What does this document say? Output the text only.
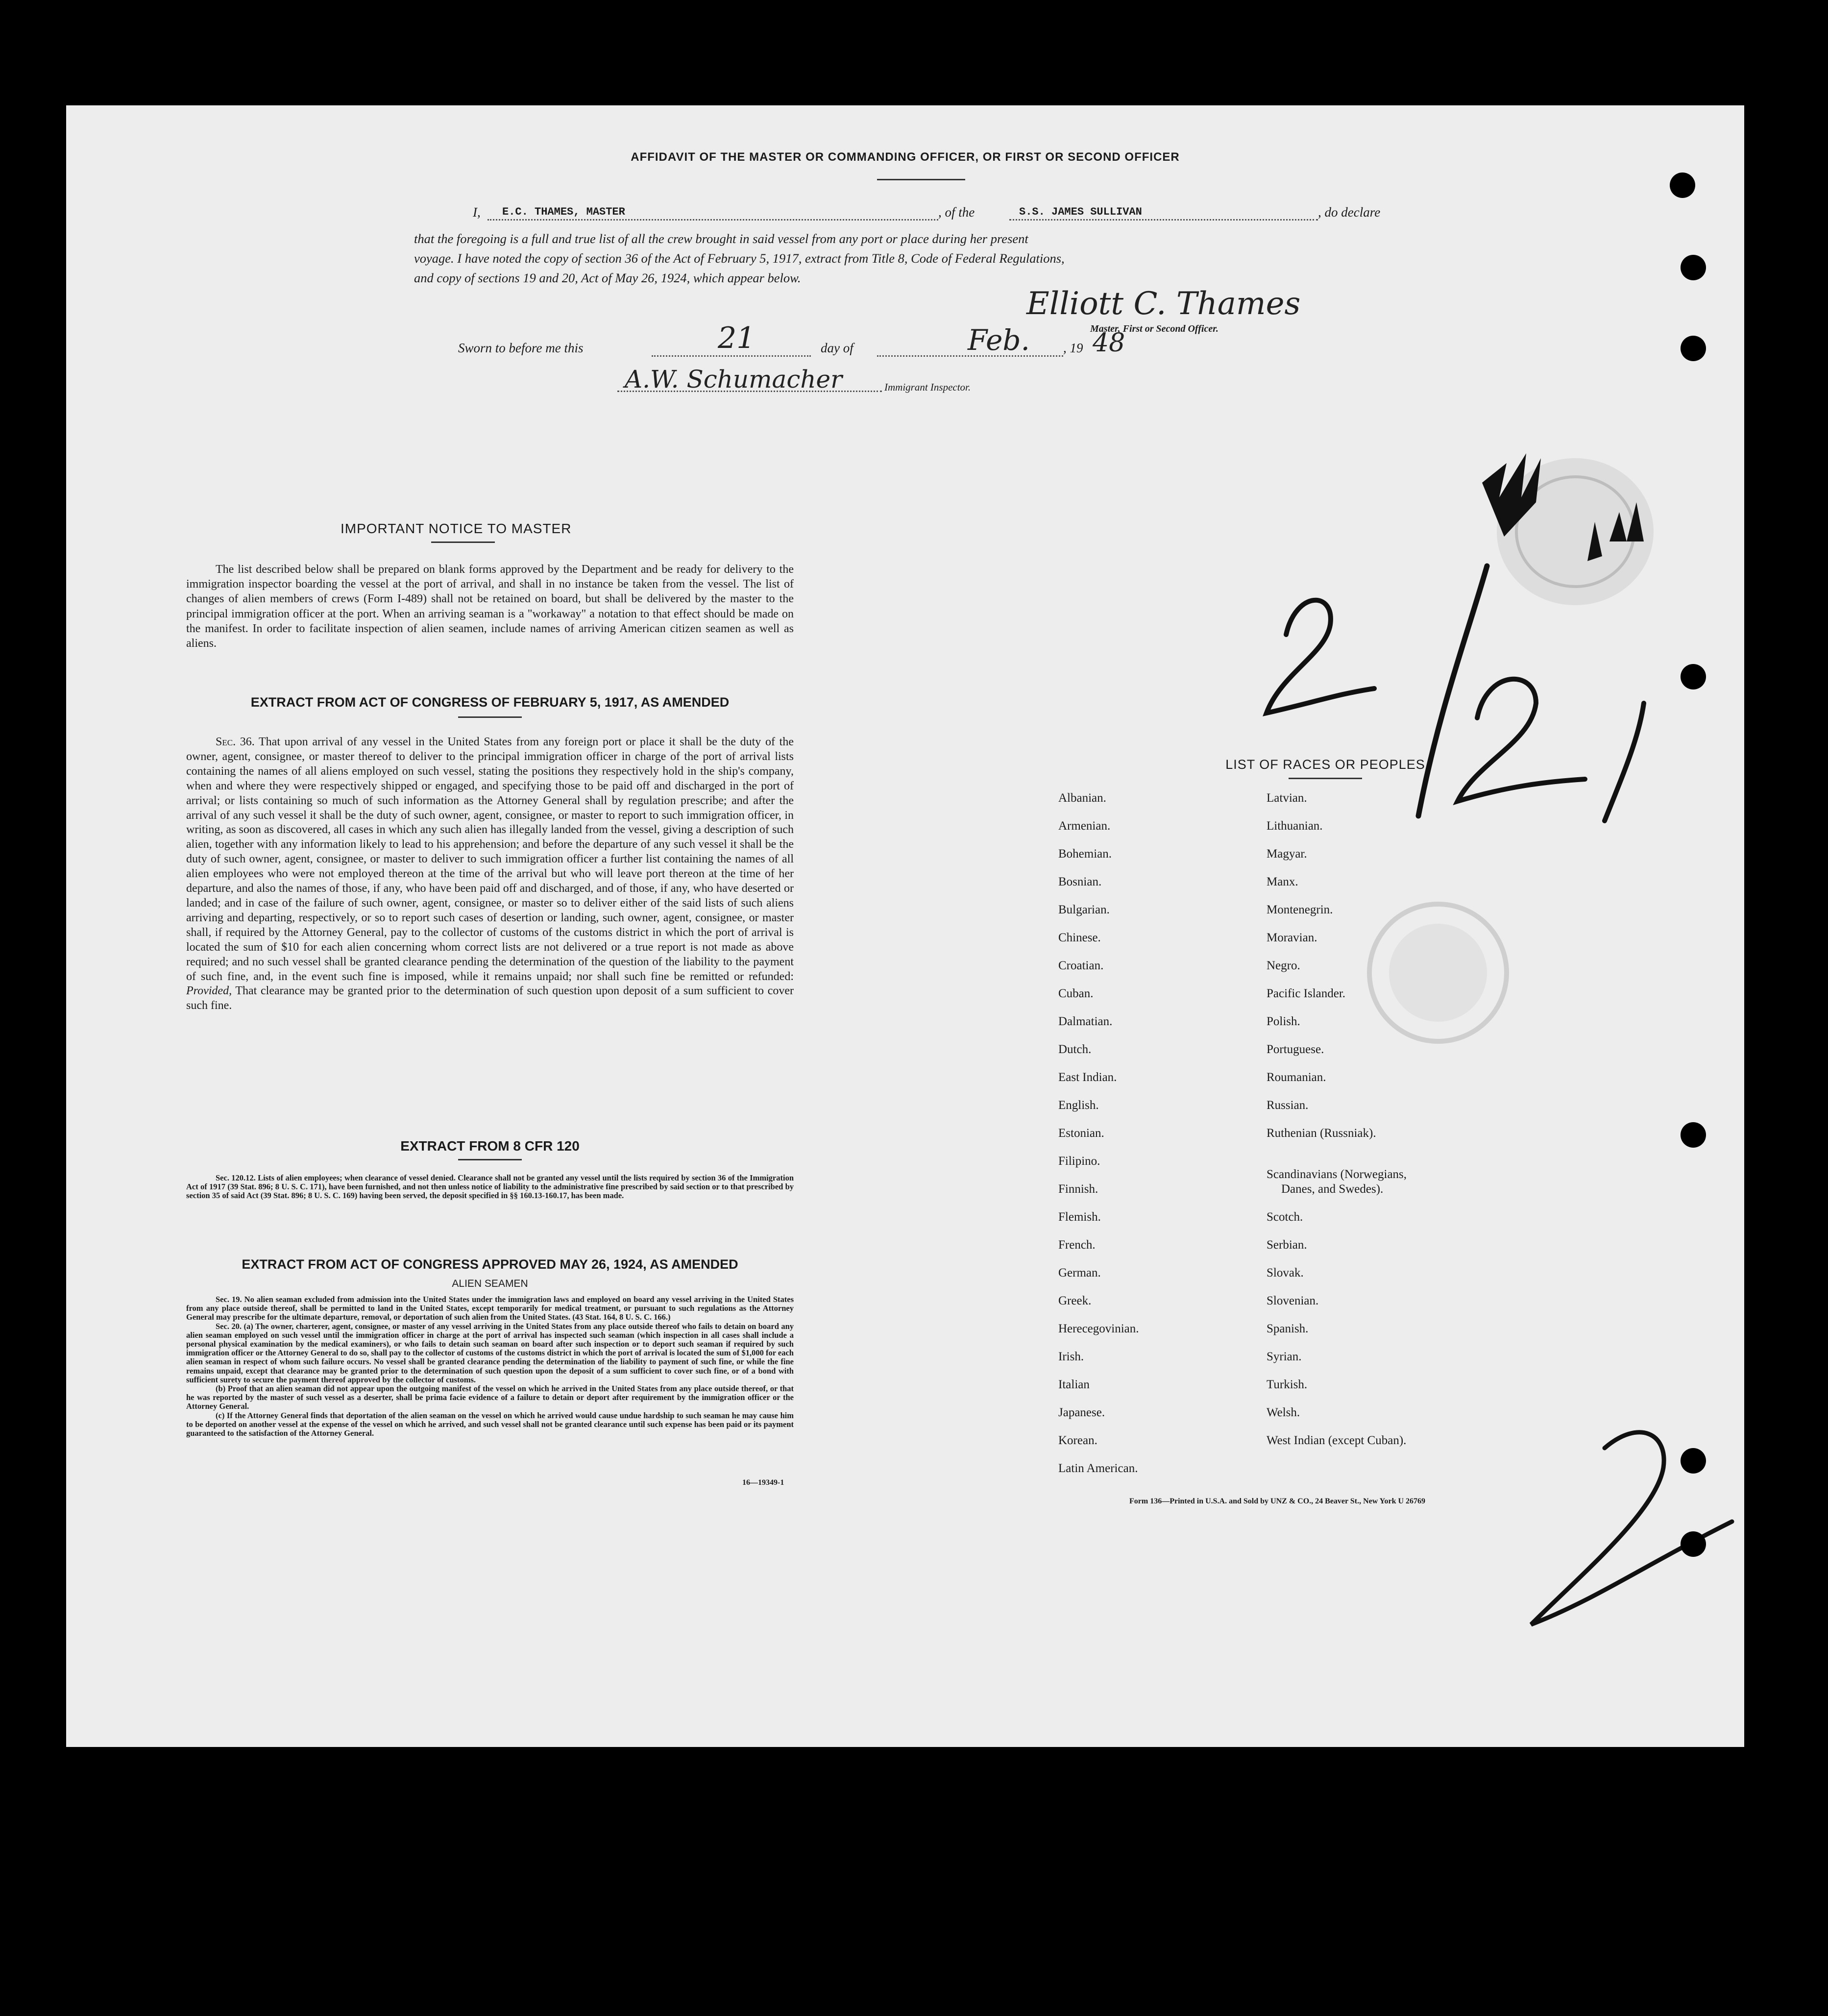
AFFIDAVIT OF THE MASTER OR COMMANDING OFFICER, OR FIRST OR SECOND OFFICER
I, E.C. THAMES, MASTER	, of the	S.S. JAMES SULLIVAN	, do declare
that the foregoing is a full and true list of all the crew brought in said vessel from any port or place during her present
voyage. I have noted the copy of section 36 of the Act of February 5, 1917, extract from Title 8, Code of Federal Regulations,
and copy of sections 19 and 20, Act of May 26, 1924, which appear below.
Elliott C. Thames
Master, First or Second Officer.
Sworn to before me this	21	day of	Feb.	, 19 48
A.W. Schumacher	Immigrant Inspector.
IMPORTANT NOTICE TO MASTER

The list described below shall be prepared on blank forms approved by the Department and be ready for delivery to the immigration inspector boarding the vessel at the port of arrival, and shall in no instance be taken from the vessel. The list of changes of alien members of crews (Form I-489) shall not be retained on board, but shall be delivered by the master to the principal immigration officer at the port. When an arriving seaman is a "workaway" a notation to that effect should be made on the manifest. In order to facilitate inspection of alien seamen, include names of arriving American citizen seamen as well as aliens.

EXTRACT FROM ACT OF CONGRESS OF FEBRUARY 5, 1917, AS AMENDED

Sec. 36. That upon arrival of any vessel in the United States from any foreign port or place it shall be the duty of the owner, agent, consignee, or master thereof to deliver to the principal immigration officer in charge of the port of arrival lists containing the names of all aliens employed on such vessel, stating the positions they respectively hold in the ship's company, when and where they were respectively shipped or engaged, and specifying those to be paid off and discharged in the port of arrival; or lists containing so much of such information as the Attorney General shall by regulation prescribe; and after the arrival of any such vessel it shall be the duty of such owner, agent, consignee, or master to report to such immigration officer, in writing, as soon as discovered, all cases in which any such alien has illegally landed from the vessel, giving a description of such alien, together with any information likely to lead to his apprehension; and before the departure of any such vessel it shall be the duty of such owner, agent, consignee, or master to deliver to such immigration officer a further list containing the names of all alien employees who were not employed thereon at the time of the arrival but who will leave port thereon at the time of her departure, and also the names of those, if any, who have been paid off and discharged, and of those, if any, who have deserted or landed; and in case of the failure of such owner, agent, consignee, or master so to deliver either of the said lists of such aliens arriving and departing, respectively, or so to report such cases of desertion or landing, such owner, agent, consignee, or master shall, if required by the Attorney General, pay to the collector of customs of the customs district in which the port of arrival is located the sum of $10 for each alien concerning whom correct lists are not delivered or a true report is not made as above required; and no such vessel shall be granted clearance pending the determination of the question of the liability to the payment of such fine, and, in the event such fine is imposed, while it remains unpaid; nor shall such fine be remitted or refunded: Provided, That clearance may be granted prior to the determination of such question upon deposit of a sum sufficient to cover such fine.

EXTRACT FROM 8 CFR 120

Sec. 120.12. Lists of alien employees; when clearance of vessel denied. Clearance shall not be granted any vessel until the lists required by section 36 of the Immigration Act of 1917 (39 Stat. 896; 8 U. S. C. 171), have been furnished, and not then unless notice of liability to the administrative fine prescribed by said section or to that prescribed by section 35 of said Act (39 Stat. 896; 8 U. S. C. 169) having been served, the deposit specified in §§ 160.13-160.17, has been made.

EXTRACT FROM ACT OF CONGRESS APPROVED MAY 26, 1924, AS AMENDED
ALIEN SEAMEN

Sec. 19. No alien seaman excluded from admission into the United States under the immigration laws and employed on board any vessel arriving in the United States from any place outside thereof, shall be permitted to land in the United States, except temporarily for medical treatment, or pursuant to such regulations as the Attorney General may prescribe for the ultimate departure, removal, or deportation of such alien from the United States. (43 Stat. 164, 8 U. S. C. 166.)

Sec. 20. (a) The owner, charterer, agent, consignee, or master of any vessel arriving in the United States from any place outside thereof who fails to detain on board any alien seaman employed on such vessel until the immigration officer in charge at the port of arrival has inspected such seaman (which inspection in all cases shall include a personal physical examination by the medical examiners), or who fails to detain such seaman on board after such inspection or to deport such seaman if required by such immigration officer or the Attorney General to do so, shall pay to the collector of customs of the customs district in which the port of arrival is located the sum of $1,000 for each alien seaman in respect of whom such failure occurs. No vessel shall be granted clearance pending the determination of the liability to payment of such fine, or while the fine remains unpaid, except that clearance may be granted prior to the determination of such question upon the deposit of a sum sufficient to cover such fine, or of a bond with sufficient surety to secure the payment thereof approved by the collector of customs.

(b) Proof that an alien seaman did not appear upon the outgoing manifest of the vessel on which he arrived in the United States from any place outside thereof, or that he was reported by the master of such vessel as a deserter, shall be prima facie evidence of a failure to detain or deport after requirement by the immigration officer or the Attorney General.

(c) If the Attorney General finds that deportation of the alien seaman on the vessel on which he arrived would cause undue hardship to such seaman he may cause him to be deported on another vessel at the expense of the vessel on which he arrived, and such vessel shall not be granted clearance until such expense has been paid or its payment guaranteed to the satisfaction of the Attorney General.

16—19349-1
LIST OF RACES OR PEOPLES
Albanian.
Armenian.
Bohemian.
Bosnian.
Bulgarian.
Chinese.
Croatian.
Cuban.
Dalmatian.
Dutch.
East Indian.
English.
Estonian.
Filipino.
Finnish.
Flemish.
French.
German.
Greek.
Herecegovinian.
Irish.
Italian
Japanese.
Korean.
Latin American.
Latvian.
Lithuanian.
Magyar.
Manx.
Montenegrin.
Moravian.
Negro.
Pacific Islander.
Polish.
Portuguese.
Roumanian.
Russian.
Ruthenian (Russniak).
Scandinavians (Norwegians,
Danes, and Swedes).
Scotch.
Serbian.
Slovak.
Slovenian.
Spanish.
Syrian.
Turkish.
Welsh.
West Indian (except Cuban).
Form 136—Printed in U.S.A. and Sold by UNZ & CO., 24 Beaver St., New York U 26769
